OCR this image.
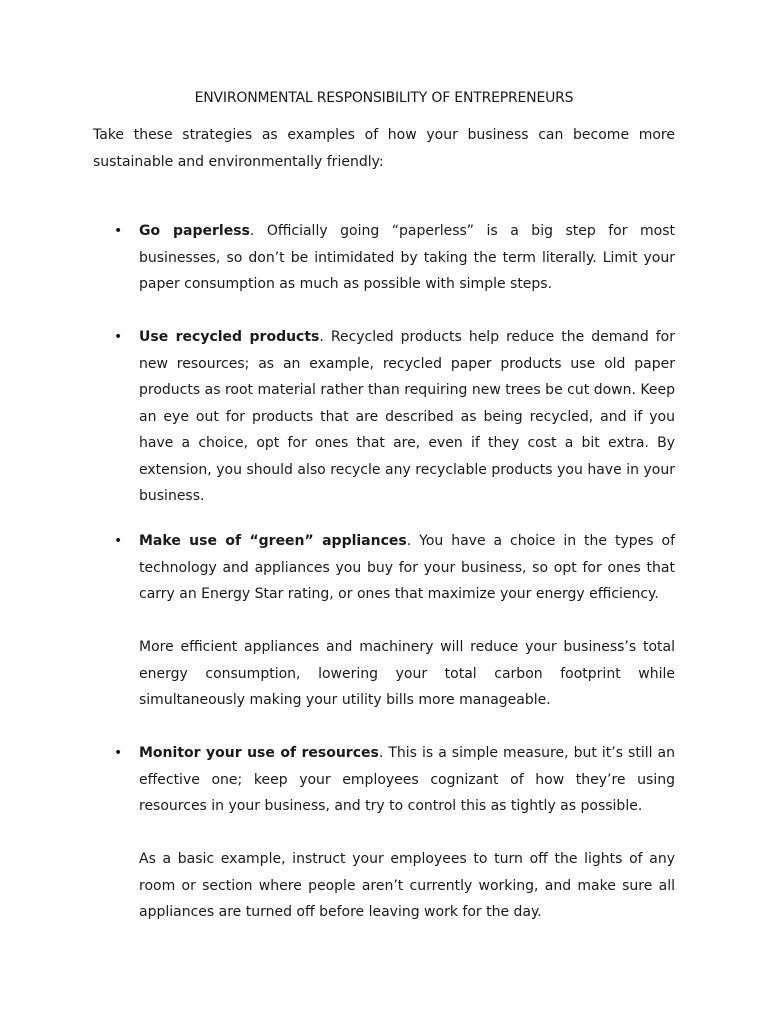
ENVIRONMENTAL RESPONSIBILITY OF ENTREPRENEURS
Take these strategies as examples of how your business can become more sustainable and environmentally friendly:
• Go paperless. Officially going “paperless” is a big step for most businesses, so don’t be intimidated by taking the term literally. Limit your paper consumption as much as possible with simple steps.
• Use recycled products. Recycled products help reduce the demand for new resources; as an example, recycled paper products use old paper products as root material rather than requiring new trees be cut down. Keep an eye out for products that are described as being recycled, and if you have a choice, opt for ones that are, even if they cost a bit extra. By extension, you should also recycle any recyclable products you have in your business.
• Make use of “green” appliances. You have a choice in the types of technology and appliances you buy for your business, so opt for ones that carry an Energy Star rating, or ones that maximize your energy efficiency.
More efficient appliances and machinery will reduce your business’s total energy consumption, lowering your total carbon footprint while simultaneously making your utility bills more manageable.
• Monitor your use of resources. This is a simple measure, but it’s still an effective one; keep your employees cognizant of how they’re using resources in your business, and try to control this as tightly as possible.
As a basic example, instruct your employees to turn off the lights of any room or section where people aren’t currently working, and make sure all appliances are turned off before leaving work for the day.
